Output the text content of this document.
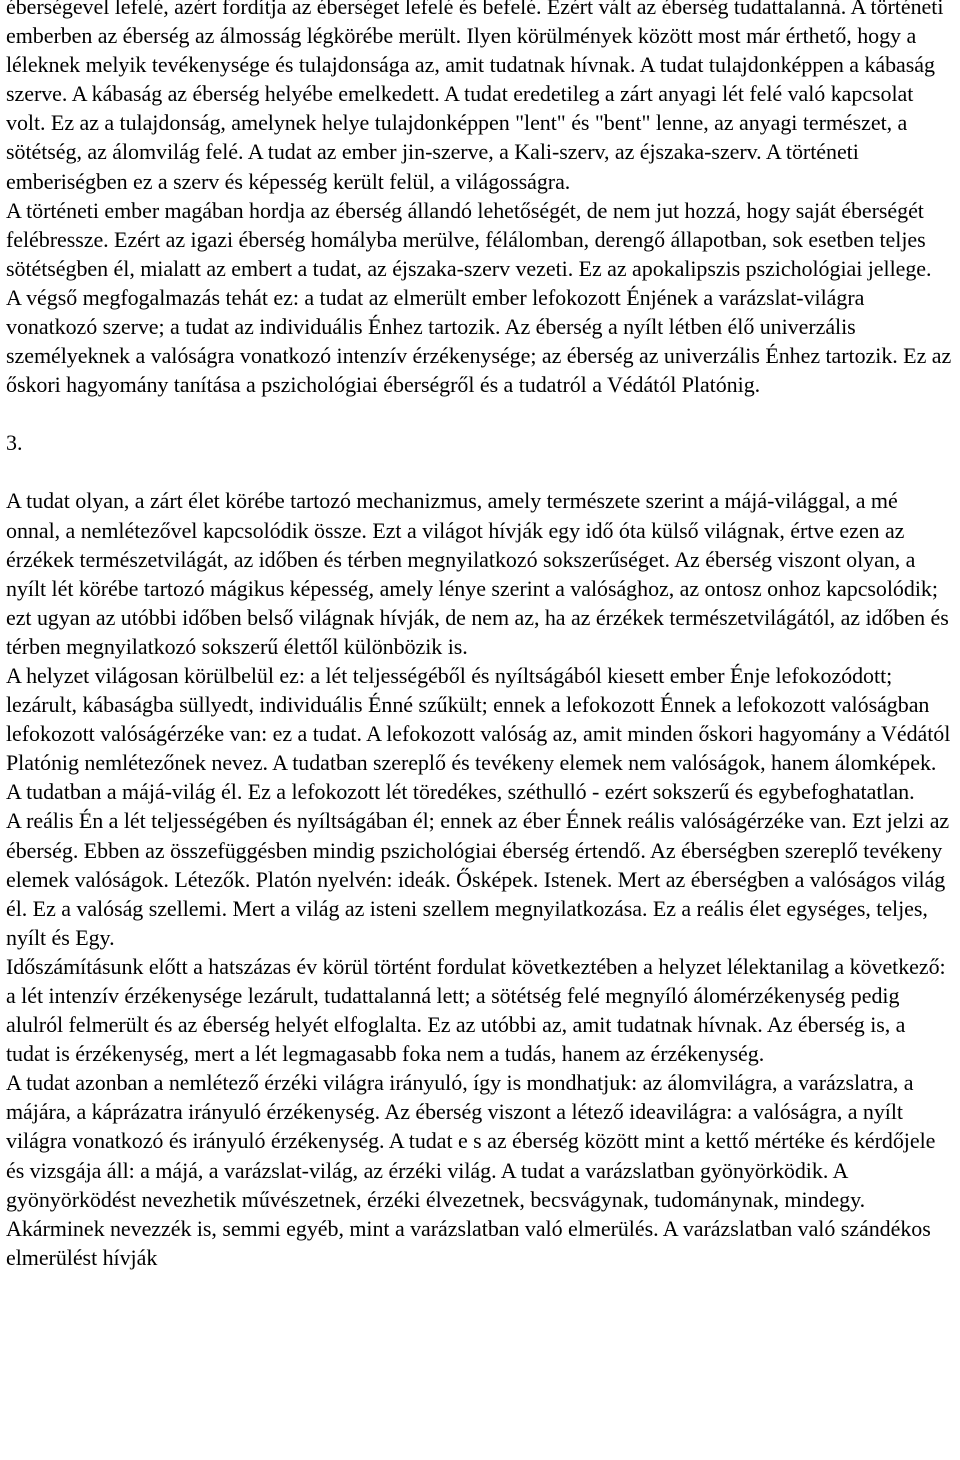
éberségevel lefelé, azért fordítja az éberséget lefelé és befelé. Ezért vált az éberség tudattalanná. A történeti emberben az éberség az álmosság légkörébe merült. Ilyen körülmények között most már érthető, hogy a léleknek melyik tevékenysége és tulajdonsága az, amit tudatnak hívnak. A tudat tulajdonképpen a kábaság szerve. A kábaság az éberség helyébe emelkedett. A tudat eredetileg a zárt anyagi lét felé való kapcsolat volt. Ez az a tulajdonság, amelynek helye tulajdonképpen "lent" és "bent" lenne, az anyagi természet, a sötétség, az álomvilág felé. A tudat az ember jin-szerve, a Kali-szerv, az éjszaka-szerv. A történeti emberiségben ez a szerv és képesség került felül, a világosságra.

A történeti ember magában hordja az éberség állandó lehetőségét, de nem jut hozzá, hogy saját éberségét felébressze. Ezért az igazi éberség homályba merülve, félálomban, derengő állapotban, sok esetben teljes sötétségben él, mialatt az embert a tudat, az éjszaka-szerv vezeti. Ez az apokalipszis pszichológiai jellege.

A végső megfogalmazás tehát ez: a tudat az elmerült ember lefokozott Énjének a varázslat-világra vonatkozó szerve; a tudat az individuális Énhez tartozik. Az éberség a nyílt létben élő univerzális személyeknek a valóságra vonatkozó intenzív érzékenysége; az éberség az univerzális Énhez tartozik. Ez az őskori hagyomány tanítása a pszichológiai éberségről és a tudatról a Védától Platónig.

3.

A tudat olyan, a zárt élet körébe tartozó mechanizmus, amely természete szerint a májá-világgal, a mé onnal, a nemlétezővel kapcsolódik össze. Ezt a világot hívják egy idő óta külső világnak, értve ezen az érzékek természetvilágát, az időben és térben megnyilatkozó sokszerűséget. Az éberség viszont olyan, a nyílt lét körébe tartozó mágikus képesség, amely lénye szerint a valósághoz, az ontosz onhoz kapcsolódik; ezt ugyan az utóbbi időben belső világnak hívják, de nem az, ha az érzékek természetvilágától, az időben és térben megnyilatkozó sokszerű élettől különbözik is.

A helyzet világosan körülbelül ez: a lét teljességéből és nyíltságából kiesett ember Énje lefokozódott; lezárult, kábaságba süllyedt, individuális Énné szűkült; ennek a lefokozott Énnek a lefokozott valóságban lefokozott valóságérzéke van: ez a tudat. A lefokozott valóság az, amit minden őskori hagyomány a Védától Platónig nemlétezőnek nevez. A tudatban szereplő és tevékeny elemek nem valóságok, hanem álomképek. A tudatban a májá-világ él. Ez a lefokozott lét töredékes, széthulló - ezért sokszerű és egybefoghatatlan.

A reális Én a lét teljességében és nyíltságában él; ennek az éber Énnek reális valóságérzéke van. Ezt jelzi az éberség. Ebben az összefüggésben mindig pszichológiai éberség értendő. Az éberségben szereplő tevékeny elemek valóságok. Létezők. Platón nyelvén: ideák. Ősképek. Istenek. Mert az éberségben a valóságos világ él. Ez a valóság szellemi. Mert a világ az isteni szellem megnyilatkozása. Ez a reális élet egységes, teljes, nyílt és Egy.

Időszámításunk előtt a hatszázas év körül történt fordulat következtében a helyzet lélektanilag a következő: a lét intenzív érzékenysége lezárult, tudattalanná lett; a sötétség felé megnyíló álomérzékenység pedig alulról felmerült és az éberség helyét elfoglalta. Ez az utóbbi az, amit tudatnak hívnak. Az éberség is, a tudat is érzékenység, mert a lét legmagasabb foka nem a tudás, hanem az érzékenység.

A tudat azonban a nemlétező érzéki világra irányuló, így is mondhatjuk: az álomvilágra, a varázslatra, a májára, a káprázatra irányuló érzékenység. Az éberség viszont a létező ideavilágra: a valóságra, a nyílt világra vonatkozó és irányuló érzékenység. A tudat e s az éberség között mint a kettő mértéke és kérdőjele és vizsgája áll: a májá, a varázslat-világ, az érzéki világ. A tudat a varázslatban gyönyörködik. A gyönyörködést nevezhetik művészetnek, érzéki élvezetnek, becsvágynak, tudománynak, mindegy. Akárminek nevezzék is, semmi egyéb, mint a varázslatban való elmerülés. A varázslatban való szándékos elmerülést hívják
